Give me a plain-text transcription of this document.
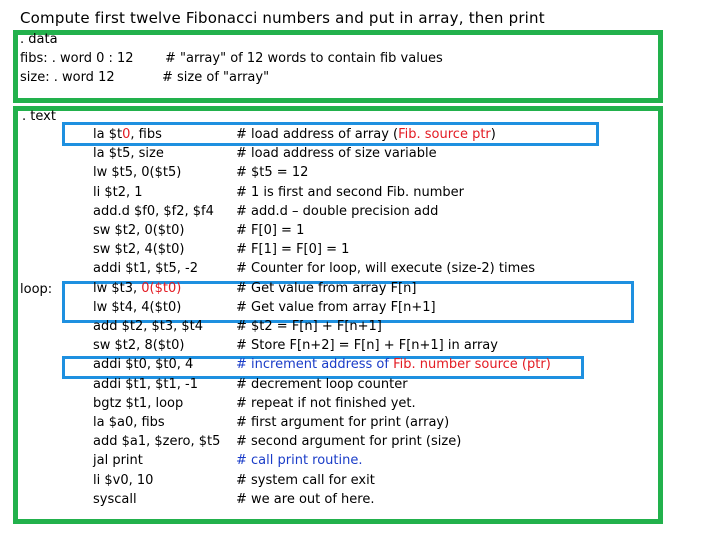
Compute first twelve Fibonacci numbers and put in array, then print
. data
fibs: . word 0 : 12 # "array" of 12 words to contain fib values
size: . word 12	# size of "array"
. text
loop:
la $t0, fibs	# load address of array (Fib. source ptr)
la $t5, size	# load address of size variable
lw $t5, 0($t5)	# $t5 = 12
li $t2, 1	# 1 is first and second Fib. number
add.d $f0, $f2, $f4 # add.d – double precision add
sw $t2, 0($t0)	# F[0] = 1
sw $t2, 4($t0)	# F[1] = F[0] = 1
addi $t1, $t5, -2	# Counter for loop, will execute (size-2) times
lw $t3, 0($t0)	# Get value from array F[n]
lw $t4, 4($t0)	# Get value from array F[n+1]
add $t2, $t3, $t4	# $t2 = F[n] + F[n+1]
sw $t2, 8($t0)	# Store F[n+2] = F[n] + F[n+1] in array
addi $t0, $t0, 4	# increment address of Fib. number source (ptr)
addi $t1, $t1, -1	# decrement loop counter
bgtz $t1, loop	# repeat if not finished yet.
la $a0, fibs	# first argument for print (array)
add $a1, $zero, $t5 # second argument for print (size)
jal print	# call print routine.
li $v0, 10	# system call for exit
syscall	# we are out of here.
